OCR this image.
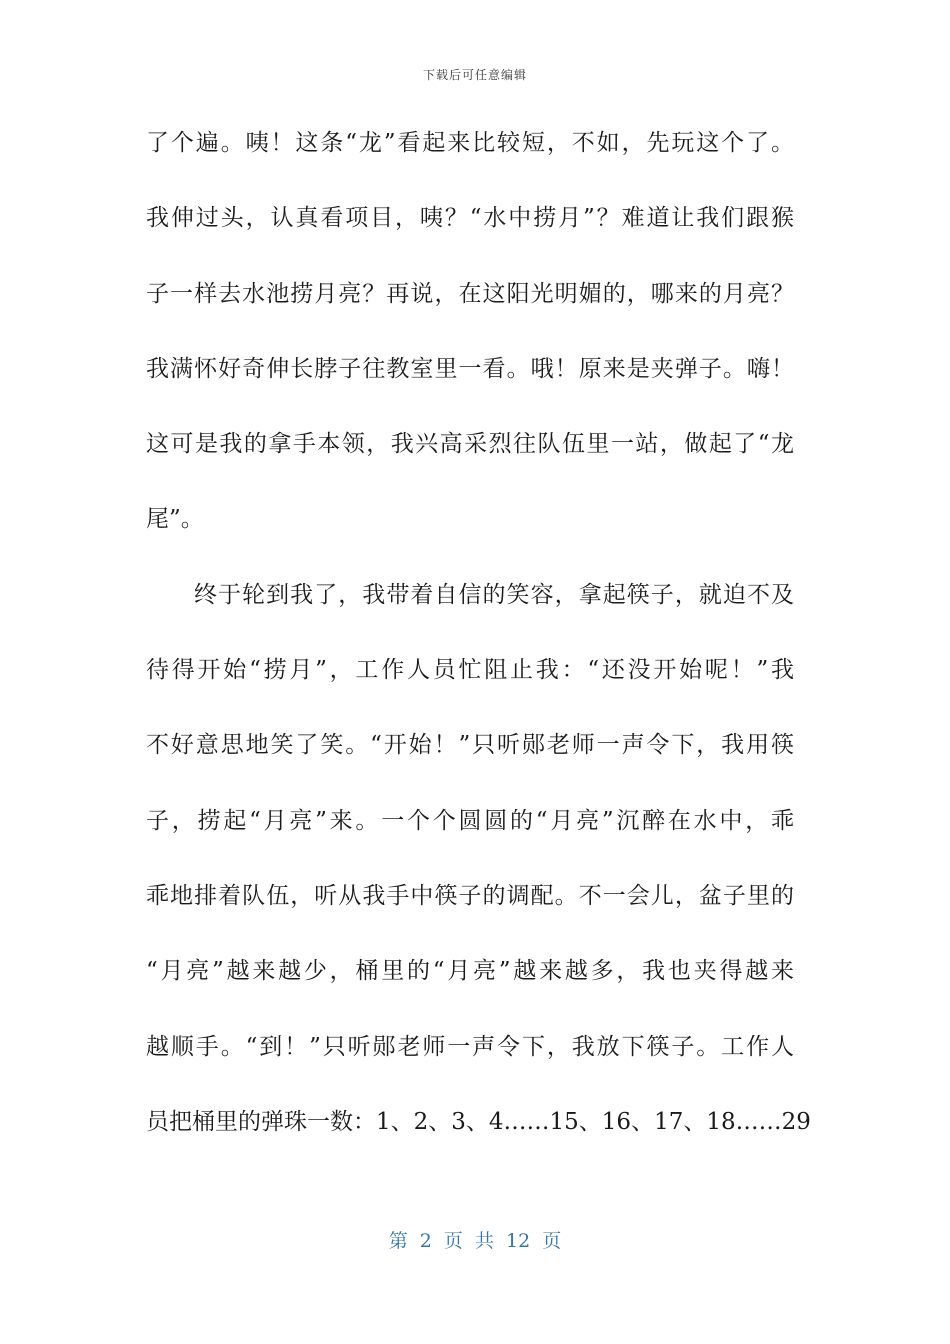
下载后可任意编辑
了个遍。咦！这条“龙”看起来比较短，不如，先玩这个了。
我伸过头，认真看项目，咦？“水中捞月”？难道让我们跟猴
子一样去水池捞月亮？再说，在这阳光明媚的，哪来的月亮？
我满怀好奇伸长脖子往教室里一看。哦！原来是夹弹子。嗨！
这可是我的拿手本领，我兴高采烈往队伍里一站，做起了“龙
尾”。
终于轮到我了，我带着自信的笑容，拿起筷子，就迫不及
待得开始“捞月”，工作人员忙阻止我：“还没开始呢！”我
不好意思地笑了笑。“开始！”只听郧老师一声令下，我用筷
子，捞起“月亮”来。一个个圆圆的“月亮”沉醉在水中，乖
乖地排着队伍，听从我手中筷子的调配。不一会儿，盆子里的
“月亮”越来越少，桶里的“月亮”越来越多，我也夹得越来
越顺手。“到！”只听郧老师一声令下，我放下筷子。工作人
员把桶里的弹珠一数：1、2、3、4……15、16、17、18……29
第 2 页 共 12 页
